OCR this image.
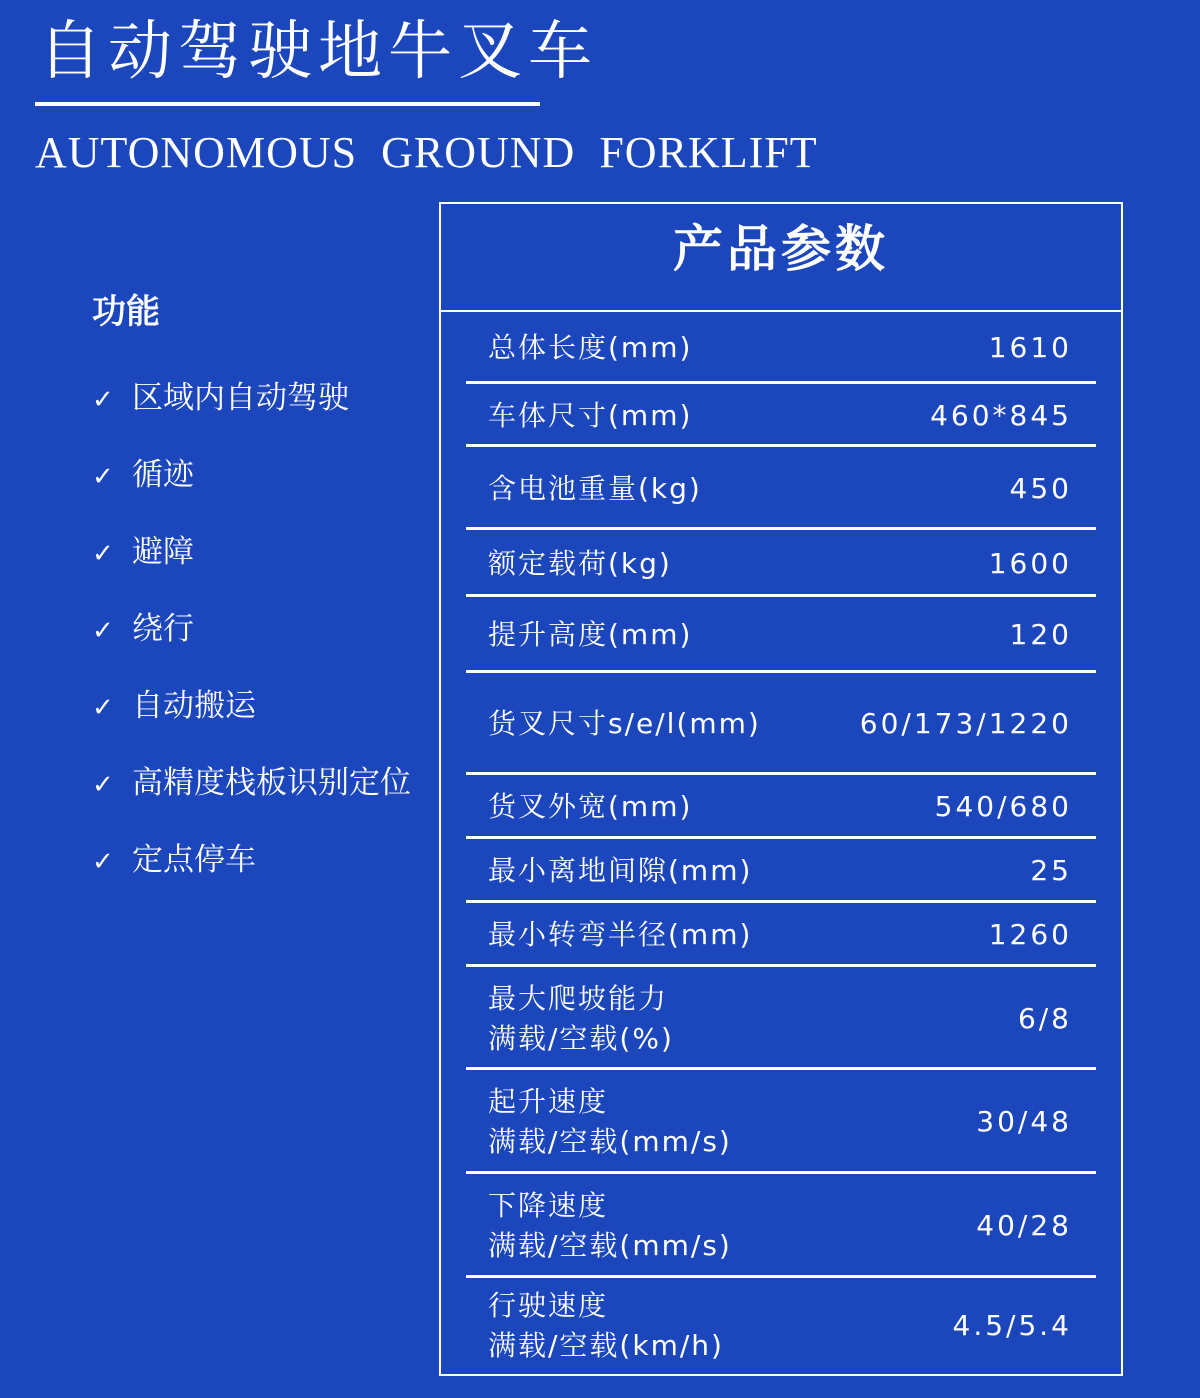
自动驾驶地牛叉车
AUTONOMOUS  GROUND  FORKLIFT
功能
✓ 区域内自动驾驶
✓ 循迹
✓ 避障
✓ 绕行
✓ 自动搬运
✓ 高精度栈板识别定位
✓ 定点停车
产品参数
总体长度(mm)	1610
车体尺寸(mm)	460*845
含电池重量(kg)	450
额定载荷(kg)	1600
提升高度(mm)	120
货叉尺寸s/e/l(mm)	60/173/1220
货叉外宽(mm)	540/680
最小离地间隙(mm)	25
最小转弯半径(mm)	1260
最大爬坡能力
满载/空载(%)
6/8
起升速度
满载/空载(mm/s)
30/48
下降速度
满载/空载(mm/s)
40/28
行驶速度
满载/空载(km/h)
4.5/5.4
